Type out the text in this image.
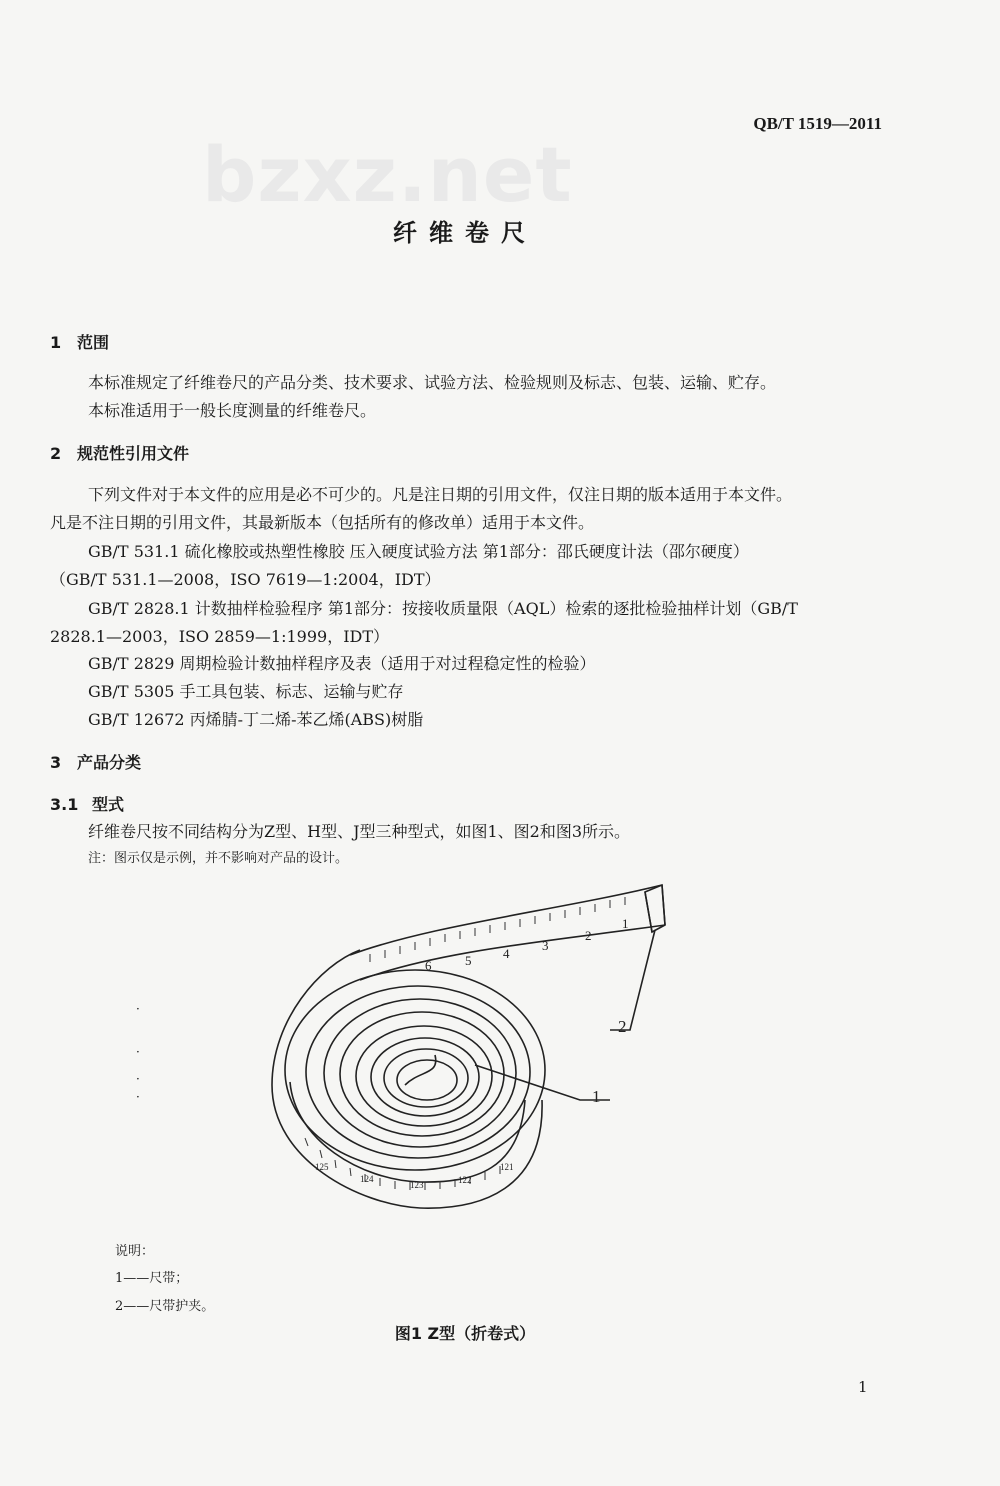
bzxz.net
QB/T 1519—2011
纤维卷尺
1 范围
本标准规定了纤维卷尺的产品分类、技术要求、试验方法、检验规则及标志、包装、运输、贮存。
本标准适用于一般长度测量的纤维卷尺。
2 规范性引用文件
下列文件对于本文件的应用是必不可少的。凡是注日期的引用文件，仅注日期的版本适用于本文件。
凡是不注日期的引用文件，其最新版本（包括所有的修改单）适用于本文件。
GB/T 531.1 硫化橡胶或热塑性橡胶 压入硬度试验方法 第1部分：邵氏硬度计法（邵尔硬度）
（GB/T 531.1—2008，ISO 7619—1:2004，IDT）
GB/T 2828.1 计数抽样检验程序 第1部分：按接收质量限（AQL）检索的逐批检验抽样计划（GB/T
2828.1—2003，ISO 2859—1:1999，IDT）
GB/T 2829 周期检验计数抽样程序及表（适用于对过程稳定性的检验）
GB/T 5305 手工具包装、标志、运输与贮存
GB/T 12672 丙烯腈-丁二烯-苯乙烯(ABS)树脂
3 产品分类
3.1 型式
纤维卷尺按不同结构分为Z型、H型、J型三种型式，如图1、图2和图3所示。
注：图示仅是示例，并不影响对产品的设计。
·
·
·
·
1
2
3
4
5
6
121
122
123
124
125
2
1
说明：
1——尺带；
2——尺带护夹。
图1 Z型（折卷式）
1
